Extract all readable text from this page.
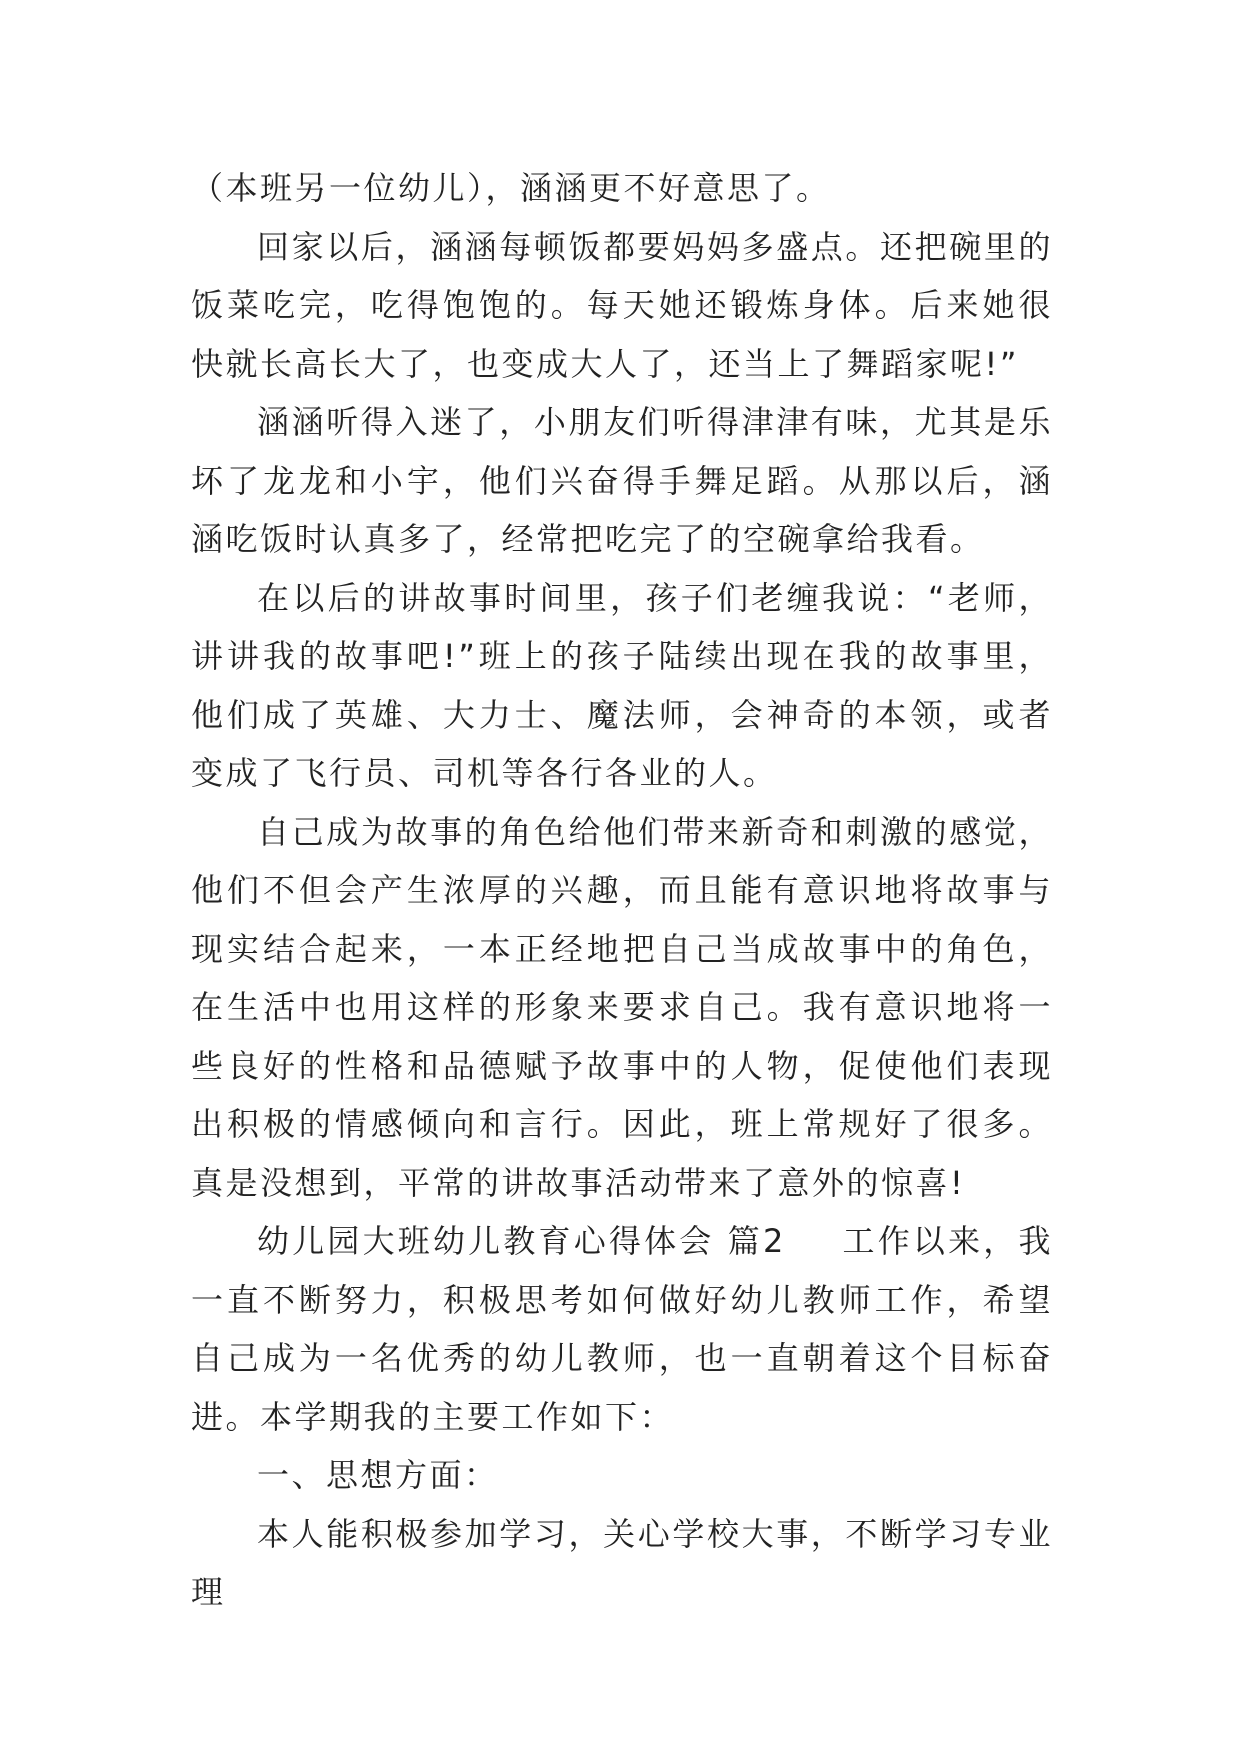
（本班另一位幼儿），涵涵更不好意思了。

回家以后，涵涵每顿饭都要妈妈多盛点。还把碗里的饭菜吃完，吃得饱饱的。每天她还锻炼身体。后来她很快就长高长大了，也变成大人了，还当上了舞蹈家呢!”

涵涵听得入迷了，小朋友们听得津津有味，尤其是乐坏了龙龙和小宇，他们兴奋得手舞足蹈。从那以后，涵涵吃饭时认真多了，经常把吃完了的空碗拿给我看。

在以后的讲故事时间里，孩子们老缠我说：“老师，讲讲我的故事吧!”班上的孩子陆续出现在我的故事里，他们成了英雄、大力士、魔法师，会神奇的本领，或者变成了飞行员、司机等各行各业的人。

自己成为故事的角色给他们带来新奇和刺激的感觉，他们不但会产生浓厚的兴趣，而且能有意识地将故事与现实结合起来，一本正经地把自己当成故事中的角色，在生活中也用这样的形象来要求自己。我有意识地将一些良好的性格和品德赋予故事中的人物，促使他们表现出积极的情感倾向和言行。因此，班上常规好了很多。真是没想到，平常的讲故事活动带来了意外的惊喜!

幼儿园大班幼儿教育心得体会 篇2 工作以来，我一直不断努力，积极思考如何做好幼儿教师工作，希望自己成为一名优秀的幼儿教师，也一直朝着这个目标奋进。本学期我的主要工作如下：

一、思想方面：

本人能积极参加学习，关心学校大事，不断学习专业理
